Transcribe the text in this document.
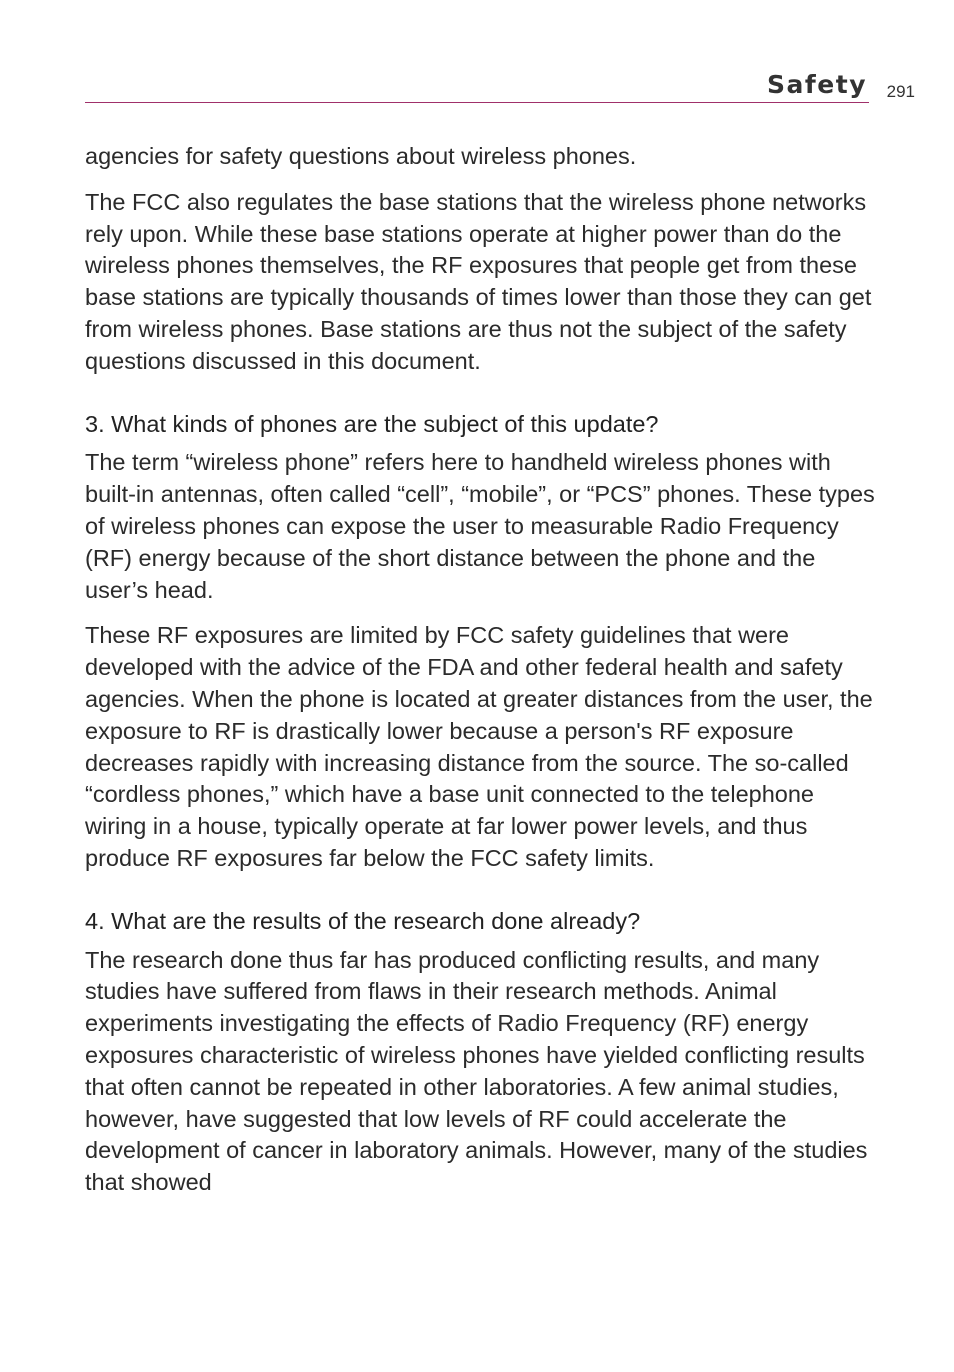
Safety 291

agencies for safety questions about wireless phones.

The FCC also regulates the base stations that the wireless phone networks rely upon. While these base stations operate at higher power than do the wireless phones themselves, the RF exposures that people get from these base stations are typically thousands of times lower than those they can get from wireless phones. Base stations are thus not the subject of the safety questions discussed in this document.

3. What kinds of phones are the subject of this update?

The term “wireless phone” refers here to handheld wireless phones with built-in antennas, often called “cell”, “mobile”, or “PCS” phones. These types of wireless phones can expose the user to measurable Radio Frequency (RF) energy because of the short distance between the phone and the user’s head.

These RF exposures are limited by FCC safety guidelines that were developed with the advice of the FDA and other federal health and safety agencies. When the phone is located at greater distances from the user, the exposure to RF is drastically lower because a person's RF exposure decreases rapidly with increasing distance from the source. The so-called “cordless phones,” which have a base unit connected to the telephone wiring in a house, typically operate at far lower power levels, and thus produce RF exposures far below the FCC safety limits.

4. What are the results of the research done already?

The research done thus far has produced conflicting results, and many studies have suffered from flaws in their research methods. Animal experiments investigating the effects of Radio Frequency (RF) energy exposures characteristic of wireless phones have yielded conflicting results that often cannot be repeated in other laboratories. A few animal studies, however, have suggested that low levels of RF could accelerate the development of cancer in laboratory animals. However, many of the studies that showed
